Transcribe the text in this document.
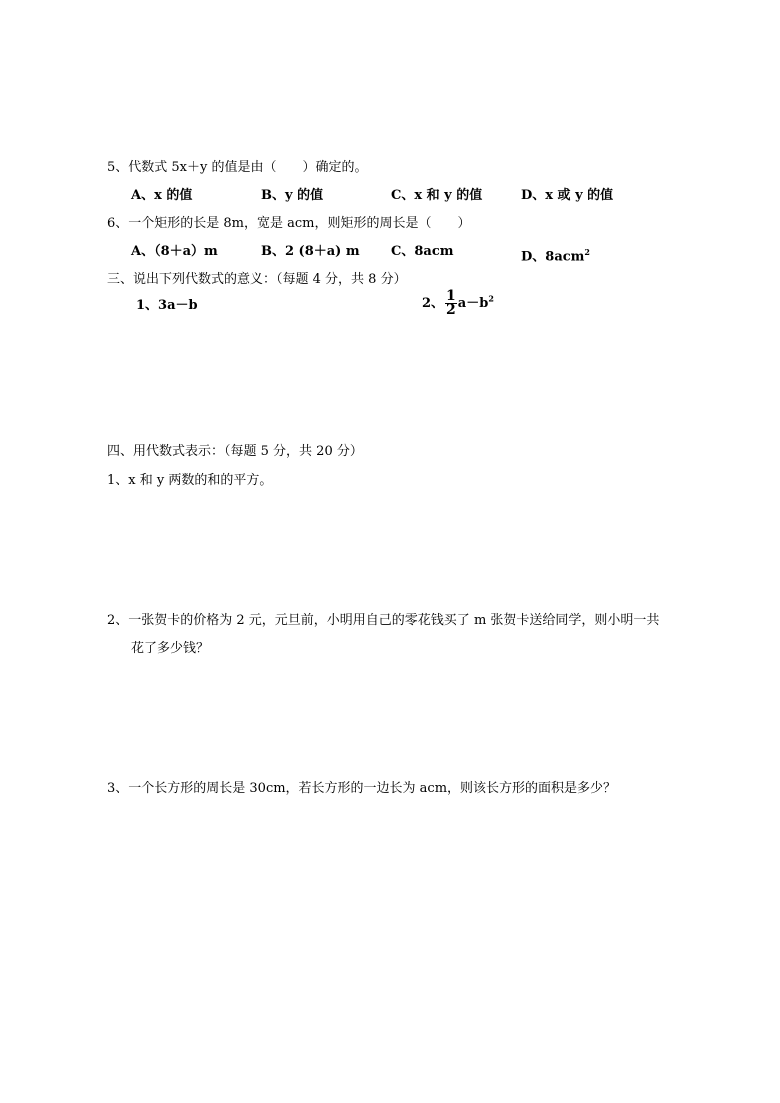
5、代数式 5x＋y 的值是由（　　）确定的。
A、x 的值	B、y 的值	C、x 和 y 的值	D、x 或 y 的值
6、一个矩形的长是 8m，宽是 acm，则矩形的周长是（　　）
A、（8＋a）m	B、2 (8＋a) m C、8acm	D、8acm$^2$
三、说出下列代数式的意义：（每题 4 分，共 8 分）
1、3a－b	2、 $\frac{1}{2} a-b^2$
四、用代数式表示：（每题 5 分，共 20 分）
1、x 和 y 两数的和的平方。
2、一张贺卡的价格为 2 元，元旦前，小明用自己的零花钱买了 m 张贺卡送给同学，则小明一共
花了多少钱？
3、一个长方形的周长是 30cm，若长方形的一边长为 acm，则该长方形的面积是多少？
